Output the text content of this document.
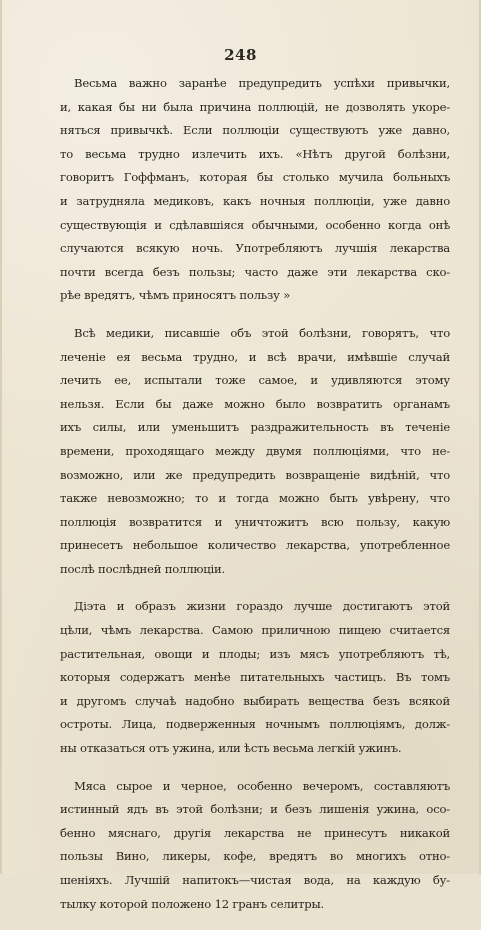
248
Весьма важно заранѣе предупредить успѣхи привычки,
и, какая бы ни была причина поллюцій, не дозволять укоре-
няться привычкѣ. Если поллюціи существуютъ уже давно,
то весьма трудно излечить ихъ. «Нѣтъ другой болѣзни,
говоритъ Гоффманъ, которая бы столько мучила больныхъ
и затрудняла медиковъ, какъ ночныя поллюціи, уже давно
существующія и сдѣлавшіяся обычными, особенно когда онѣ
случаются всякую ночь. Употребляютъ лучшія лекарства
почти всегда безъ пользы; часто даже эти лекарства ско-
рѣе вредятъ, чѣмъ приносятъ пользу »
Всѣ медики, писавшіе объ этой болѣзни, говорятъ, что
леченіе ея весьма трудно, и всѣ врачи, имѣвшіе случай
лечить ее, испытали тоже самое, и удивляются этому
нельзя. Если бы даже можно было возвратить органамъ
ихъ силы, или уменьшитъ раздражительность въ теченіе
времени, проходящаго между двумя поллюціями, что не-
возможно, или же предупредить возвращеніе видѣній, что
также невозможно; то и тогда можно быть увѣрену, что
поллюція возвратится и уничтожитъ всю пользу, какую
принесетъ небольшое количество лекарства, употребленное
послѣ послѣдней поллюціи.
Діэта и образъ жизни гораздо лучше достигаютъ этой
цѣли, чѣмъ лекарства. Самою приличною пищею считается
растительная, овощи и плоды; изъ мясъ употребляютъ тѣ,
которыя содержатъ менѣе питательныхъ частицъ. Въ томъ
и другомъ случаѣ надобно выбирать вещества безъ всякой
остроты. Лица, подверженныя ночнымъ поллюціямъ, долж-
ны отказаться отъ ужина, или ѣсть весьма легкій ужинъ.
Мяса сырое и черное, особенно вечеромъ, составляютъ
истинный ядъ въ этой болѣзни; и безъ лишенія ужина, осо-
бенно мяснаго, другія лекарства не принесутъ никакой
пользы Вино, ликеры, кофе, вредятъ во многихъ отно-
шеніяхъ. Лучшій напитокъ—чистая вода, на каждую бу-
тылку которой положено 12 гранъ селитры.
